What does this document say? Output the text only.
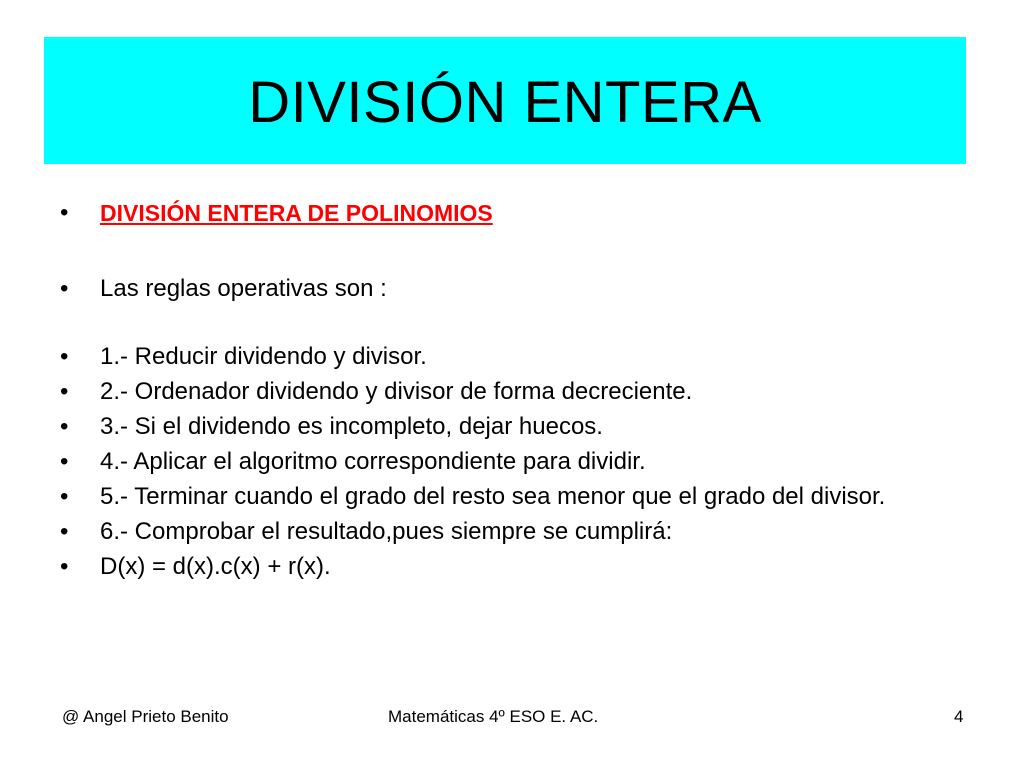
DIVISIÓN ENTERA
•	DIVISIÓN ENTERA DE POLINOMIOS
•	Las reglas operativas son :
•	1.- Reducir dividendo y divisor.
•	2.- Ordenador dividendo y divisor de forma decreciente.
•	3.- Si el dividendo es incompleto, dejar huecos.
•	4.- Aplicar el algoritmo correspondiente para dividir.
•	5.- Terminar cuando el grado del resto sea menor que el grado del divisor.
•	6.- Comprobar el resultado,pues siempre se cumplirá:
•	D(x) = d(x).c(x) + r(x).
@ Angel Prieto Benito	Matemáticas 4º ESO E. AC.	4
